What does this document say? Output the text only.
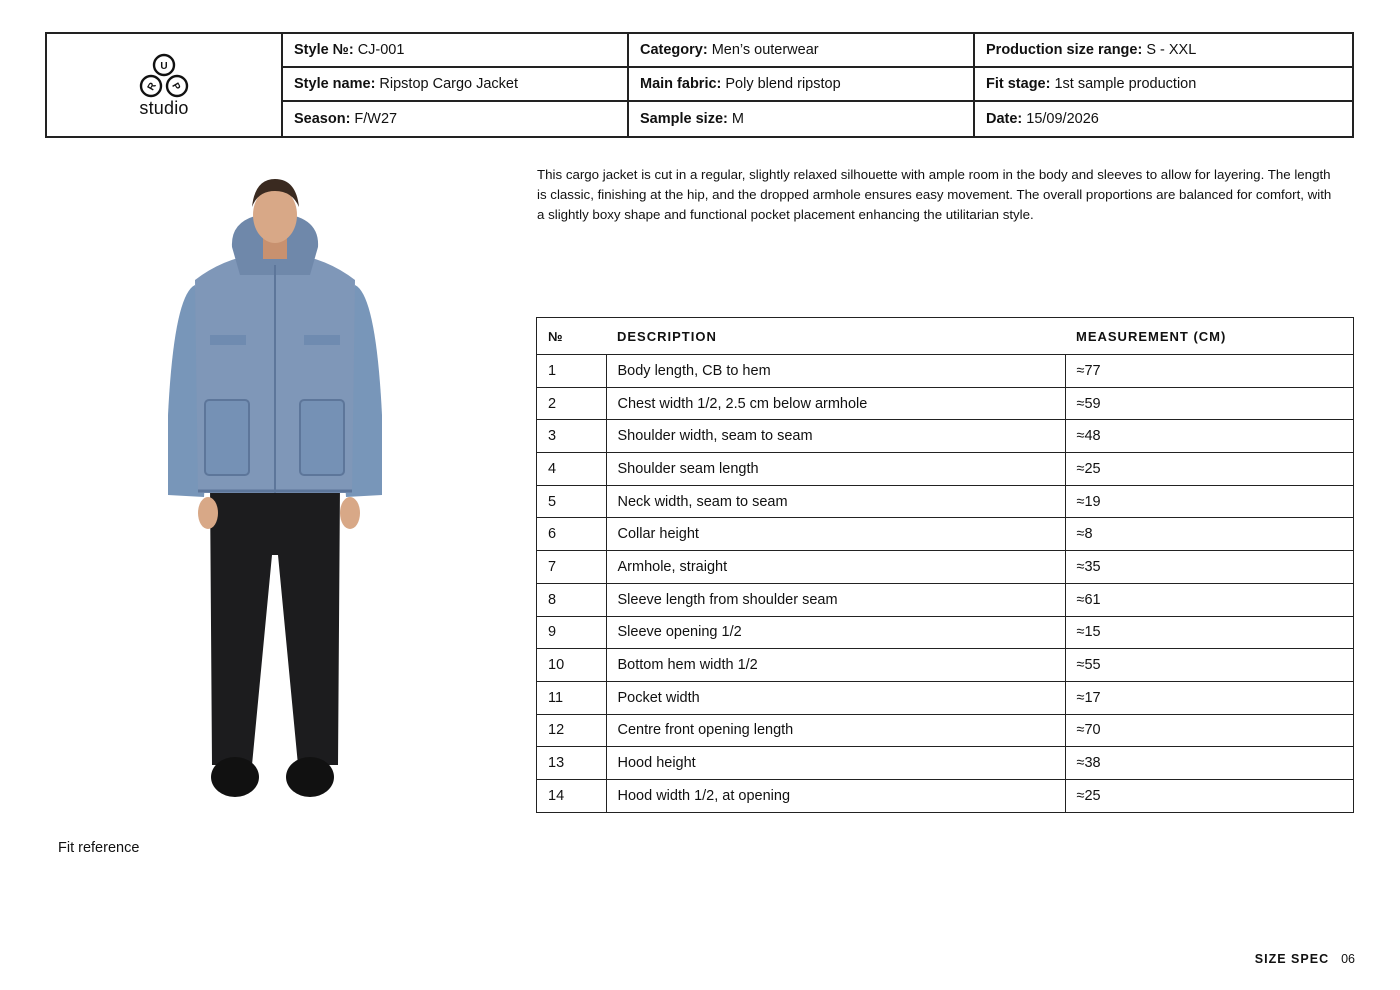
U
R P
studio
Style №: CJ-001	Category: Men’s outerwear	Production size range: S - XXL
Style name: Ripstop Cargo Jacket	Main fabric: Poly blend ripstop	Fit stage: 1st sample production
Season: F/W27	Sample size: M	Date: 15/09/2026
Fit reference
This cargo jacket is cut in a regular, slightly relaxed silhouette with ample room in the body and sleeves to allow for layering. The length is classic, finishing at the hip, and the dropped armhole ensures easy movement. The overall proportions are balanced for comfort, with a slightly boxy shape and functional pocket placement enhancing the utilitarian style.
№	DESCRIPTION	MEASUREMENT (CM)
1	Body length, CB to hem	≈77
2	Chest width 1/2, 2.5 cm below armhole	≈59
3	Shoulder width, seam to seam	≈48
4	Shoulder seam length	≈25
5	Neck width, seam to seam	≈19
6	Collar height	≈8
7	Armhole, straight	≈35
8	Sleeve length from shoulder seam	≈61
9	Sleeve opening 1/2	≈15
10	Bottom hem width 1/2	≈55
11	Pocket width	≈17
12	Centre front opening length	≈70
13	Hood height	≈38
14	Hood width 1/2, at opening	≈25
SIZE SPEC 06
